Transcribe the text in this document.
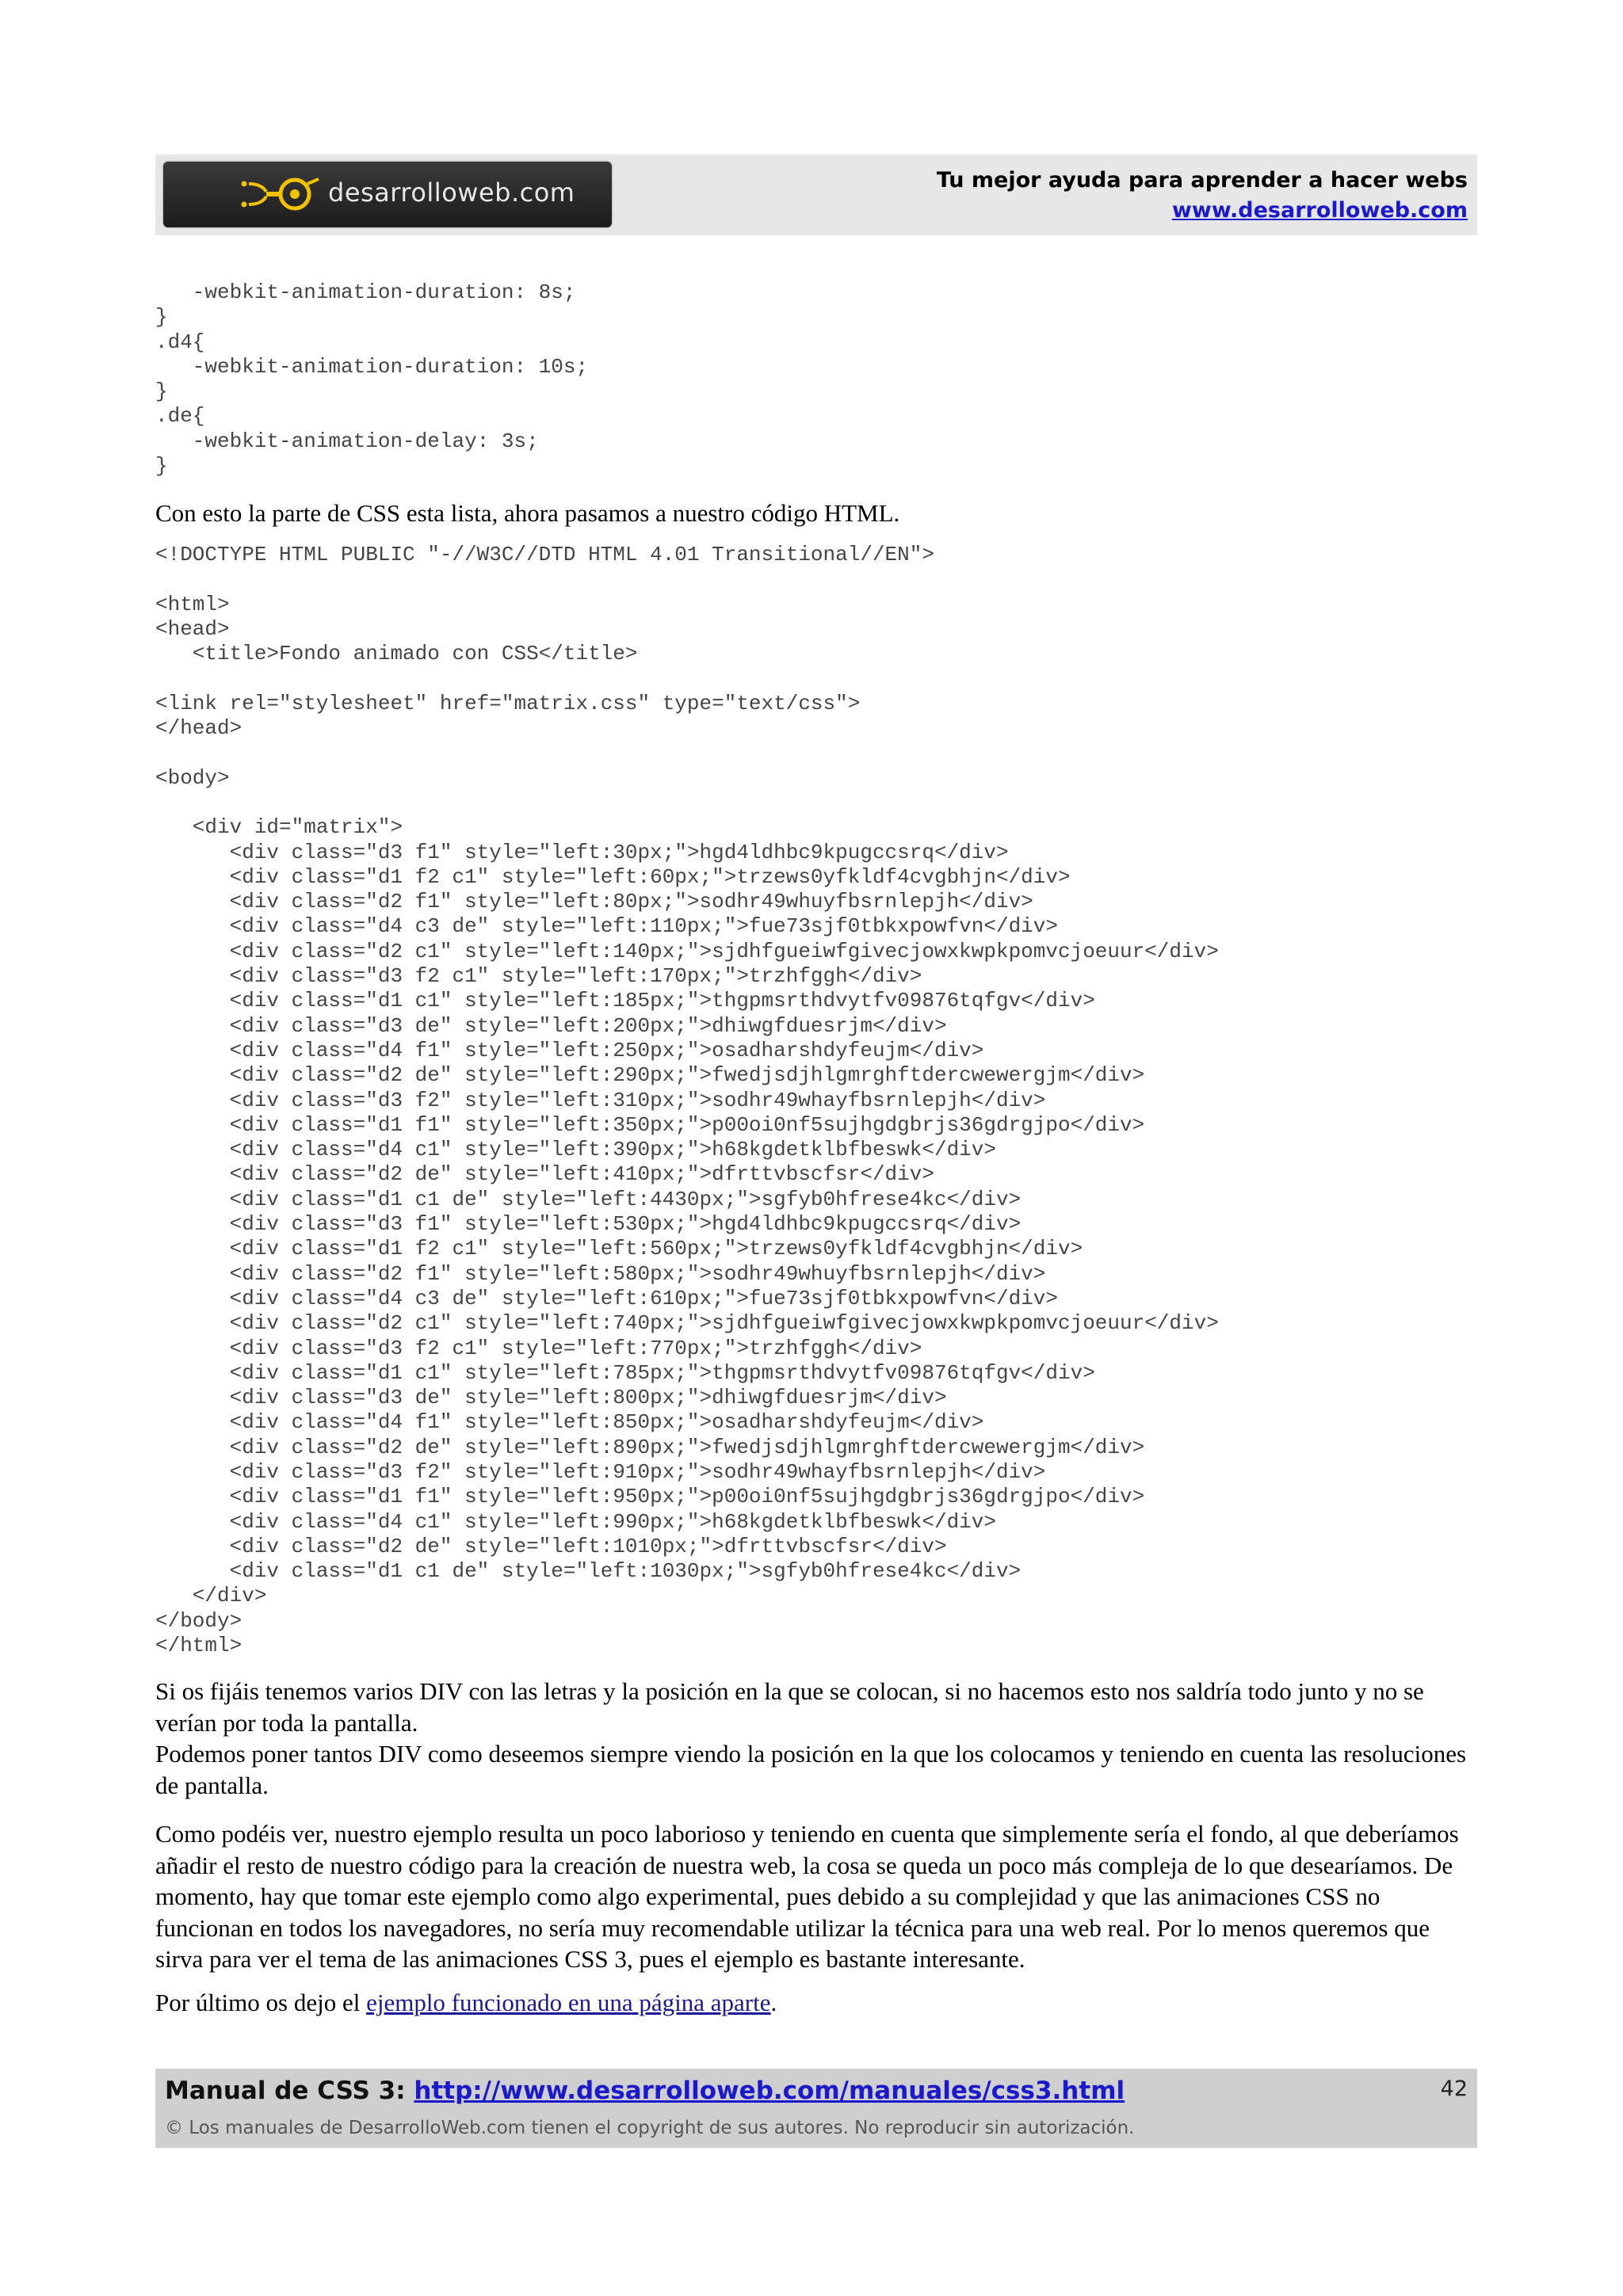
desarrolloweb.com	Tu mejor ayuda para aprender a hacer webs
www.desarrolloweb.com
-webkit-animation-duration: 8s;
}
.d4{
-webkit-animation-duration: 10s;
}
.de{
-webkit-animation-delay: 3s;
}

Con esto la parte de CSS esta lista, ahora pasamos a nuestro código HTML.

<!DOCTYPE HTML PUBLIC "-//W3C//DTD HTML 4.01 Transitional//EN">

<html>
<head>
<title>Fondo animado con CSS</title>

<link rel="stylesheet" href="matrix.css" type="text/css">
</head>

<body>

<div id="matrix">
<div class="d3 f1" style="left:30px;">hgd4ldhbc9kpugccsrq</div>
<div class="d1 f2 c1" style="left:60px;">trzews0yfkldf4cvgbhjn</div>
<div class="d2 f1" style="left:80px;">sodhr49whuyfbsrnlepjh</div>
<div class="d4 c3 de" style="left:110px;">fue73sjf0tbkxpowfvn</div>
<div class="d2 c1" style="left:140px;">sjdhfgueiwfgivecjowxkwpkpomvcjoeuur</div>
<div class="d3 f2 c1" style="left:170px;">trzhfggh</div>
<div class="d1 c1" style="left:185px;">thgpmsrthdvytfv09876tqfgv</div>
<div class="d3 de" style="left:200px;">dhiwgfduesrjm</div>
<div class="d4 f1" style="left:250px;">osadharshdyfeujm</div>
<div class="d2 de" style="left:290px;">fwedjsdjhlgmrghftdercwewergjm</div>
<div class="d3 f2" style="left:310px;">sodhr49whayfbsrnlepjh</div>
<div class="d1 f1" style="left:350px;">p00oi0nf5sujhgdgbrjs36gdrgjpo</div>
<div class="d4 c1" style="left:390px;">h68kgdetklbfbeswk</div>
<div class="d2 de" style="left:410px;">dfrttvbscfsr</div>
<div class="d1 c1 de" style="left:4430px;">sgfyb0hfrese4kc</div>
<div class="d3 f1" style="left:530px;">hgd4ldhbc9kpugccsrq</div>
<div class="d1 f2 c1" style="left:560px;">trzews0yfkldf4cvgbhjn</div>
<div class="d2 f1" style="left:580px;">sodhr49whuyfbsrnlepjh</div>
<div class="d4 c3 de" style="left:610px;">fue73sjf0tbkxpowfvn</div>
<div class="d2 c1" style="left:740px;">sjdhfgueiwfgivecjowxkwpkpomvcjoeuur</div>
<div class="d3 f2 c1" style="left:770px;">trzhfggh</div>
<div class="d1 c1" style="left:785px;">thgpmsrthdvytfv09876tqfgv</div>
<div class="d3 de" style="left:800px;">dhiwgfduesrjm</div>
<div class="d4 f1" style="left:850px;">osadharshdyfeujm</div>
<div class="d2 de" style="left:890px;">fwedjsdjhlgmrghftdercwewergjm</div>
<div class="d3 f2" style="left:910px;">sodhr49whayfbsrnlepjh</div>
<div class="d1 f1" style="left:950px;">p00oi0nf5sujhgdgbrjs36gdrgjpo</div>
<div class="d4 c1" style="left:990px;">h68kgdetklbfbeswk</div>
<div class="d2 de" style="left:1010px;">dfrttvbscfsr</div>
<div class="d1 c1 de" style="left:1030px;">sgfyb0hfrese4kc</div>
</div>
</body>
</html>
Si os fijáis tenemos varios DIV con las letras y la posición en la que se colocan, si no hacemos esto nos saldría todo junto y no se verían por toda la pantalla.
Podemos poner tantos DIV como deseemos siempre viendo la posición en la que los colocamos y teniendo en cuenta las resoluciones de pantalla.

Como podéis ver, nuestro ejemplo resulta un poco laborioso y teniendo en cuenta que simplemente sería el fondo, al que deberíamos añadir el resto de nuestro código para la creación de nuestra web, la cosa se queda un poco más compleja de lo que desearíamos. De momento, hay que tomar este ejemplo como algo experimental, pues debido a su complejidad y que las animaciones CSS no funcionan en todos los navegadores, no sería muy recomendable utilizar la técnica para una web real. Por lo menos queremos que sirva para ver el tema de las animaciones CSS 3, pues el ejemplo es bastante interesante.

Por último os dejo el ejemplo funcionado en una página aparte.

Manual de CSS 3: http://www.desarrolloweb.com/manuales/css3.html	42
© Los manuales de DesarrolloWeb.com tienen el copyright de sus autores. No reproducir sin autorización.
